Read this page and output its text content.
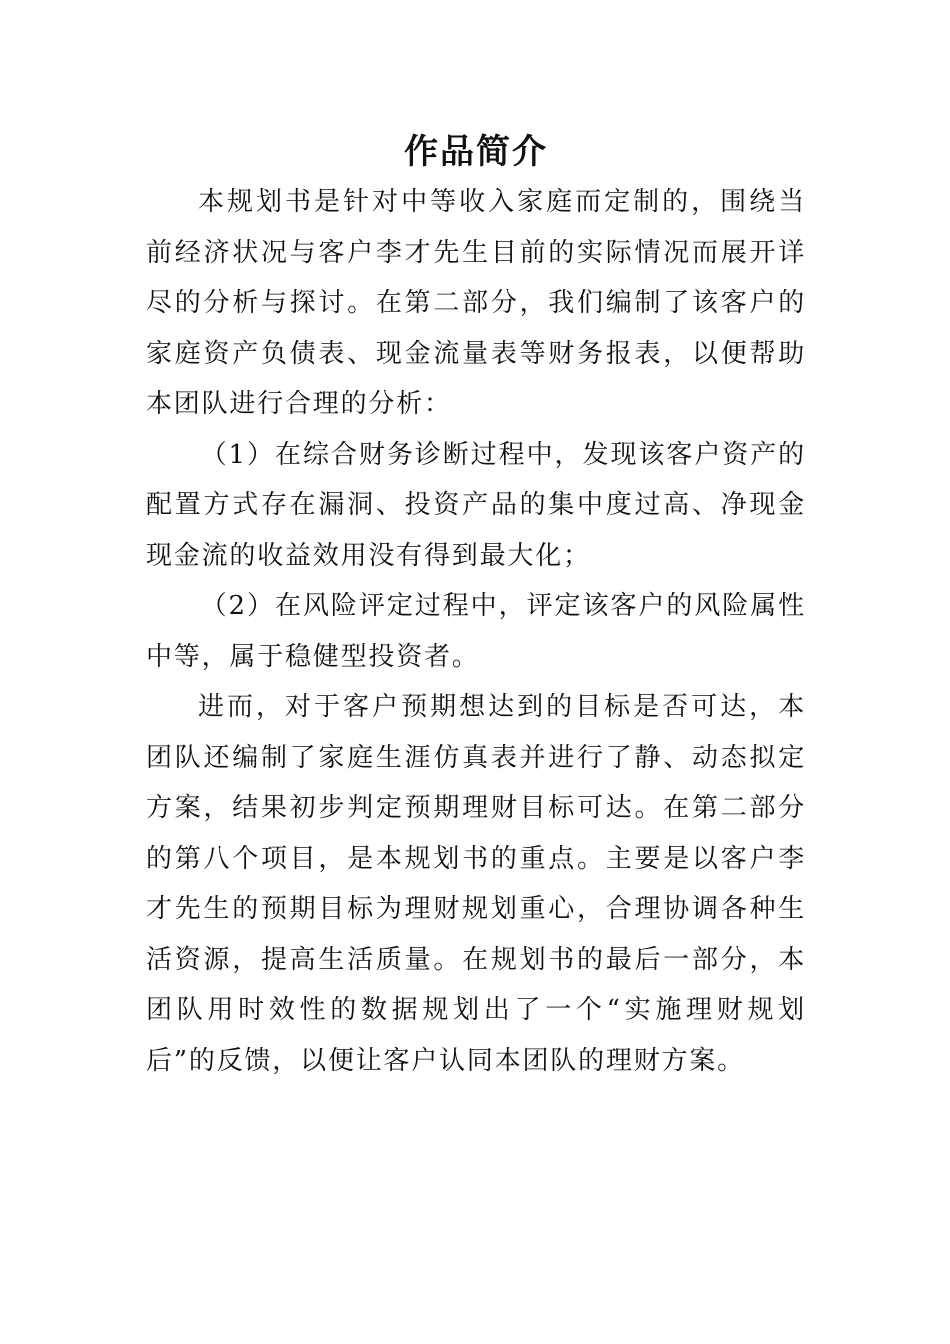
作品简介

本规划书是针对中等收入家庭而定制的，围绕当前经济状况与客户李才先生目前的实际情况而展开详尽的分析与探讨。在第二部分，我们编制了该客户的家庭资产负债表、现金流量表等财务报表，以便帮助本团队进行合理的分析：

（1）在综合财务诊断过程中，发现该客户资产的配置方式存在漏洞、投资产品的集中度过高、净现金现金流的收益效用没有得到最大化；

（2）在风险评定过程中，评定该客户的风险属性中等，属于稳健型投资者。

进而，对于客户预期想达到的目标是否可达，本团队还编制了家庭生涯仿真表并进行了静、动态拟定方案，结果初步判定预期理财目标可达。在第二部分的第八个项目，是本规划书的重点。主要是以客户李才先生的预期目标为理财规划重心，合理协调各种生活资源，提高生活质量。在规划书的最后一部分，本团队用时效性的数据规划出了一个“实施理财规划后”的反馈，以便让客户认同本团队的理财方案。
